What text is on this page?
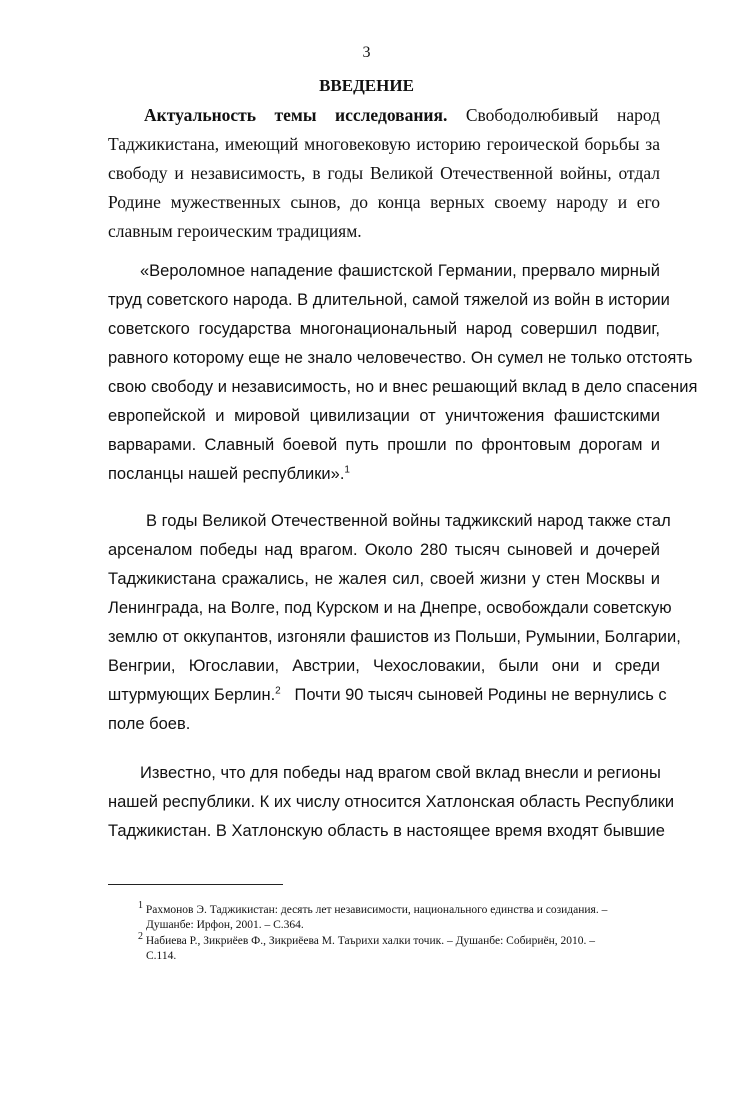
3
ВВЕДЕНИЕ
Актуальность темы исследования. Свободолюбивый народ
Таджикистана, имеющий многовековую историю героической борьбы за
свободу и независимость, в годы Великой Отечественной войны, отдал
Родине мужественных сынов, до конца верных своему народу и его
славным героическим традициям.
«Вероломное нападение фашистской Германии, прервало мирный
труд советского народа. В длительной, самой тяжелой из войн в истории
советского государства многонациональный народ совершил подвиг,
равного которому еще не знало человечество. Он сумел не только отстоять
свою свободу и независимость, но и внес решающий вклад в дело спасения
европейской и мировой цивилизации от уничтожения фашистскими
варварами. Славный боевой путь прошли по фронтовым дорогам и
посланцы нашей республики».$^1$
В годы Великой Отечественной войны таджикский народ также стал
арсеналом победы над врагом. Около 280 тысяч сыновей и дочерей
Таджикистана сражались, не жалея сил, своей жизни у стен Москвы и
Ленинграда, на Волге, под Курском и на Днепре, освобождали советскую
землю от оккупантов, изгоняли фашистов из Польши, Румынии, Болгарии,
Венгрии, Югославии, Австрии, Чехословакии, были они и среди
штурмующих Берлин.$^2$ Почти 90 тысяч сыновей Родины не вернулись с
поле боев.
Известно, что для победы над врагом свой вклад внесли и регионы
нашей республики. К их числу относится Хатлонская область Республики
Таджикистан. В Хатлонскую область в настоящее время входят бывшие
$^1$ Рахмонов Э. Таджикистан: десять лет независимости, национального единства и созидания. –
Душанбе: Ирфон, 2001. – С.364.
$^2$ Набиева Р., Зикриёев Ф., Зикриёева М. Таърихи халки точик. – Душанбе: Собириён, 2010. –
С.114.
